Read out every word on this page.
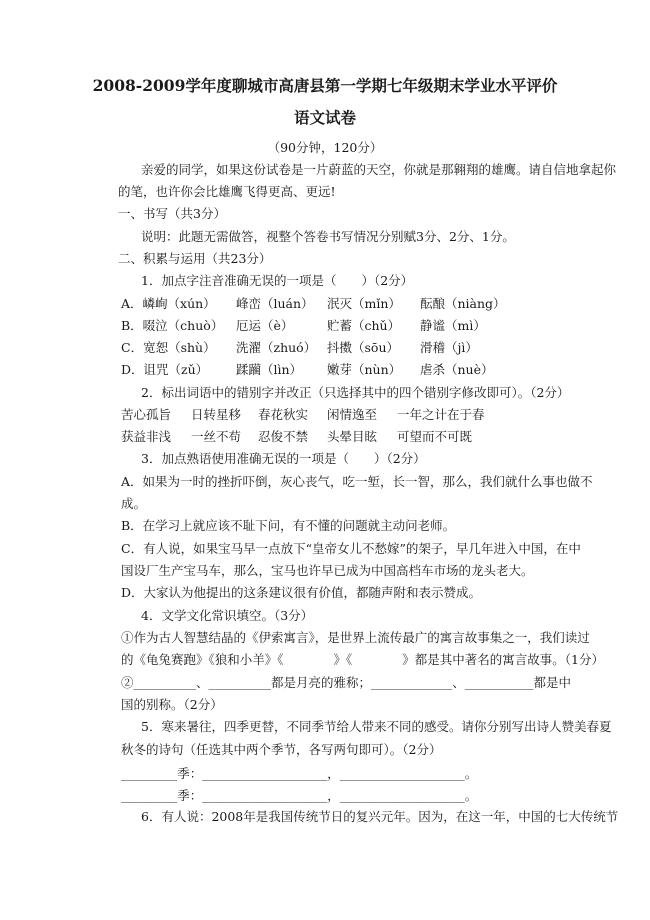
2008-2009学年度聊城市高唐县第一学期七年级期末学业水平评价
语文试卷
（90分钟，120分）
亲爱的同学，如果这份试卷是一片蔚蓝的天空，你就是那翱翔的雄鹰。请自信地拿起你
的笔，也许你会比雄鹰飞得更高、更远!
一、书写（共3分）
说明：此题无需做答，视整个答卷书写情况分别赋3分、2分、1分。
二、积累与运用（共23分）
1．加点字注音准确无误的一项是（　　）（2分）
A．嶙峋（xún） 峰峦（luán） 泯灭（mǐn） 酝酿（niàng）
B．啜泣（chuò） 厄运（è）	贮蓄（chǔ） 静谧（mì）
C．宽恕（shù） 洗濯（zhuó） 抖擞（sōu） 滑稽（jì）
D．诅咒（zǔ） 蹂躏（lìn） 嫩芽（nùn） 虐杀（nuè）
2．标出词语中的错别字并改正（只选择其中的四个错别字修改即可）。（2分）
苦心孤旨 日转星移 春花秋实 闲情逸至 一年之计在于春
获益非浅 一丝不苟 忍俊不禁 头晕目眩 可望而不可既
3．加点熟语使用准确无误的一项是（　　）（2分）
A．如果为一时的挫折吓倒，灰心丧气，吃一堑，长一智，那么，我们就什么事也做不
成。
B．在学习上就应该不耻下问，有不懂的问题就主动问老师。
C．有人说，如果宝马早一点放下“皇帝女儿不愁嫁”的架子，早几年进入中国，在中
国设厂生产宝马车，那么，宝马也许早已成为中国高档车市场的龙头老大。
D．大家认为他提出的这条建议很有价值，都随声附和表示赞成。
4．文学文化常识填空。（3分）
①作为古人智慧结晶的《伊索寓言》，是世界上流传最广的寓言故事集之一，我们读过
的《龟兔赛跑》《狼和小羊》《　　　　》《　　　　》都是其中著名的寓言故事。（1分）
②__________、__________都是月亮的雅称；_____________、___________都是中
国的别称。（2分）
5．寒来暑往，四季更替，不同季节给人带来不同的感受。请你分别写出诗人赞美春夏
秋冬的诗句（任选其中两个季节，各写两句即可）。（2分）
_________季：____________________，____________________。
_________季：____________________，____________________。
6．有人说：2008年是我国传统节日的复兴元年。因为，在这一年，中国的七大传统节
